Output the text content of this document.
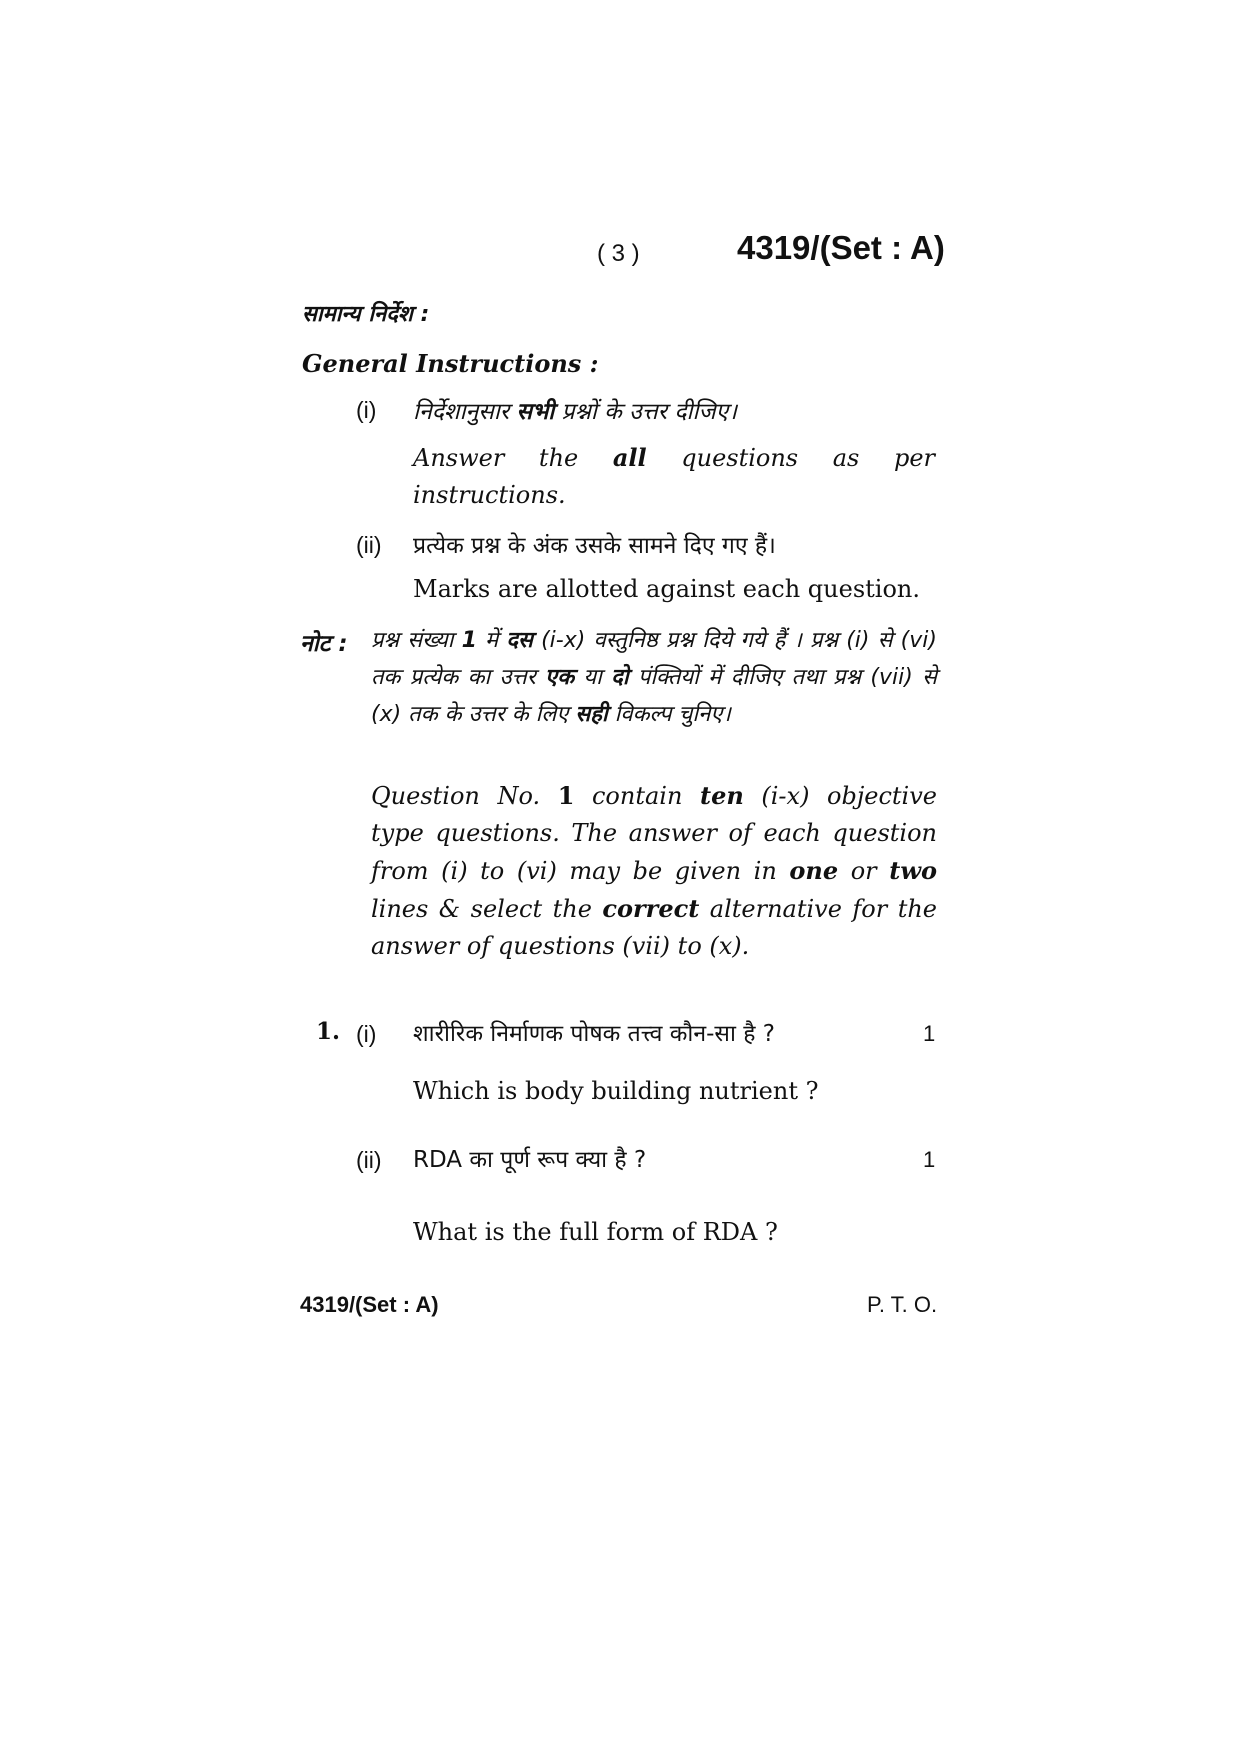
( 3 )	4319/(Set : A)
सामान्य निर्देश :
General Instructions :
(i) निर्देशानुसार सभी प्रश्नों के उत्तर दीजिए।
Answer the all questions as per instructions.
(ii) प्रत्येक प्रश्न के अंक उसके सामने दिए गए हैं।
Marks are allotted against each question.
नोट : प्रश्न संख्या 1 में दस (i-x) वस्तुनिष्ठ प्रश्न दिये गये हैं । प्रश्न (i) से (vi) तक प्रत्येक का उत्तर एक या दो पंक्तियों में दीजिए तथा प्रश्न (vii) से (x) तक के उत्तर के लिए सही विकल्प चुनिए।
Question No. 1 contain ten (i-x) objective type questions. The answer of each question from (i) to (vi) may be given in one or two lines & select the correct alternative for the answer of questions (vii) to (x).
1. (i) शारीरिक निर्माणक पोषक तत्त्व कौन-सा है ?	1
Which is body building nutrient ?
(ii) RDA का पूर्ण रूप क्या है ?	1
What is the full form of RDA ?
4319/(Set : A)	P. T. O.
